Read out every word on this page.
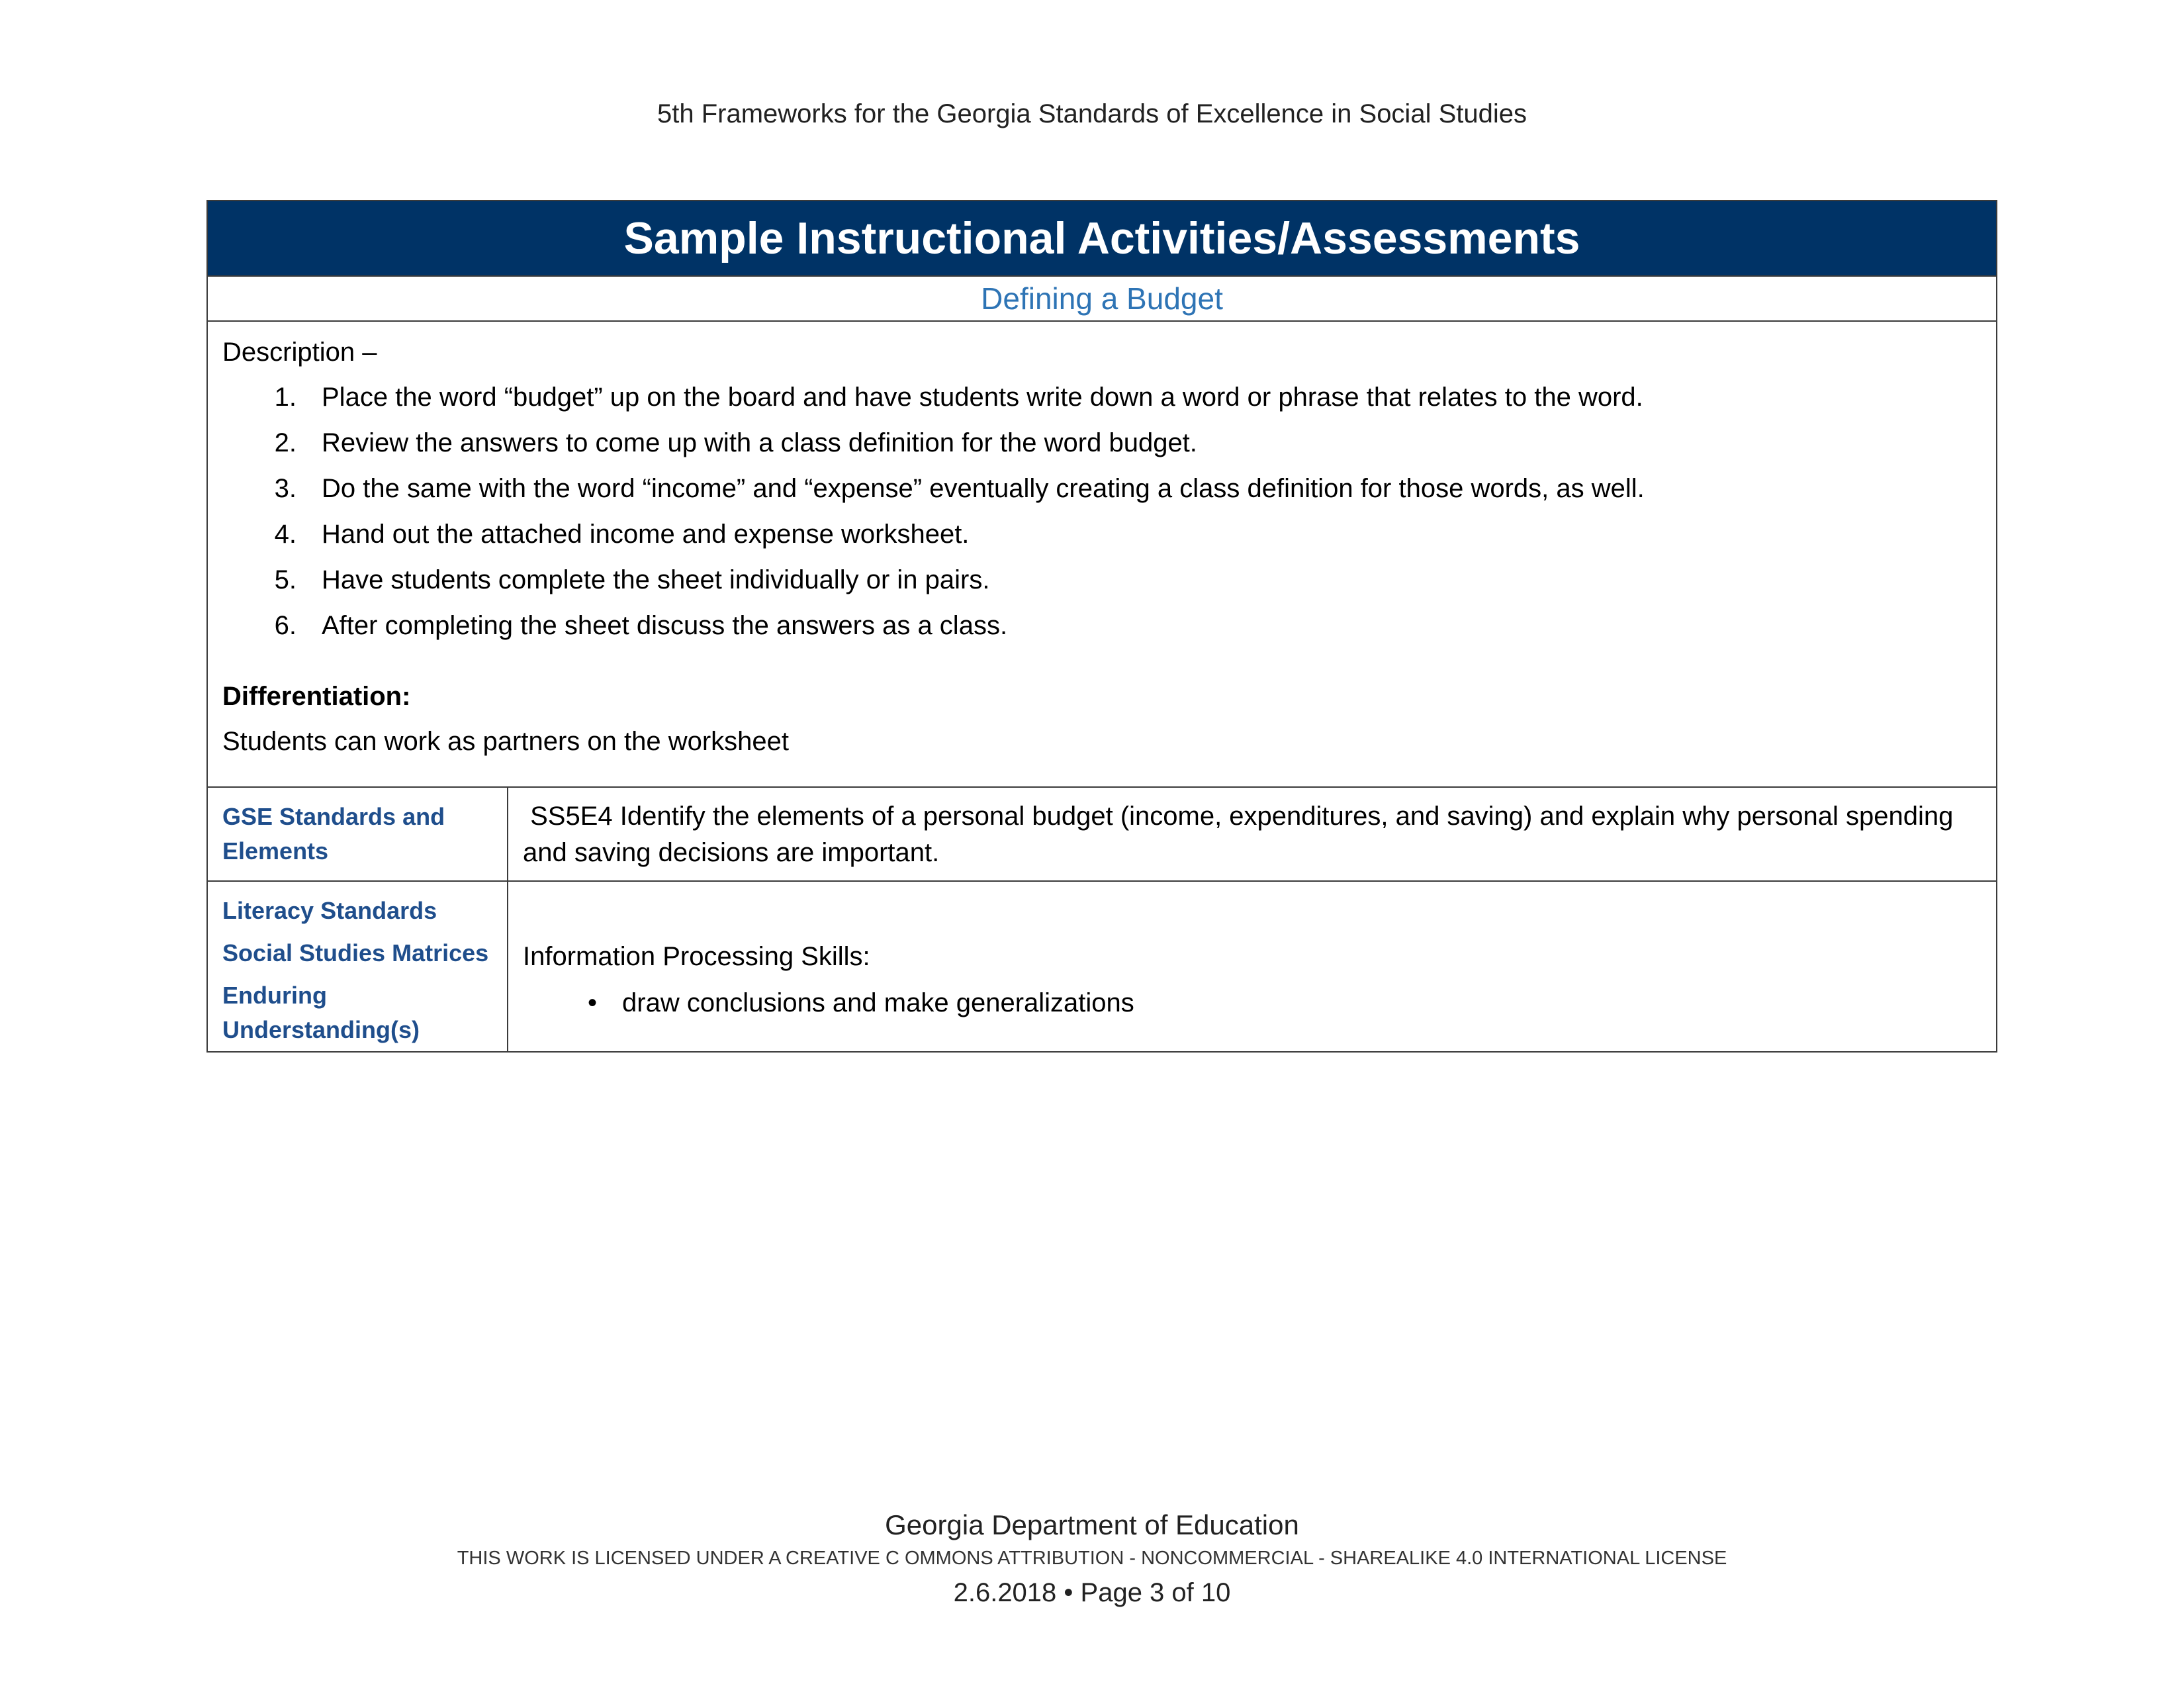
5th Frameworks for the Georgia Standards of Excellence in Social Studies
Sample Instructional Activities/Assessments
Defining a Budget
Description –
1. Place the word “budget” up on the board and have students write down a word or phrase that relates to the word.
2. Review the answers to come up with a class definition for the word budget.
3. Do the same with the word “income” and “expense” eventually creating a class definition for those words, as well.
4. Hand out the attached income and expense worksheet.
5. Have students complete the sheet individually or in pairs.
6. After completing the sheet discuss the answers as a class.
Differentiation:
Students can work as partners on the worksheet
GSE Standards and Elements
SS5E4 Identify the elements of a personal budget (income, expenditures, and saving) and explain why personal spending and saving decisions are important.
Literacy Standards
Social Studies Matrices
Enduring Understanding(s)
Information Processing Skills:
• draw conclusions and make generalizations
Georgia Department of Education
THIS WORK IS LICENSED UNDER A CREATIVE C OMMONS ATTRIBUTION - NONCOMMERCIAL - SHAREALIKE 4.0 INTERNATIONAL LICENSE
2.6.2018 • Page 3 of 10
